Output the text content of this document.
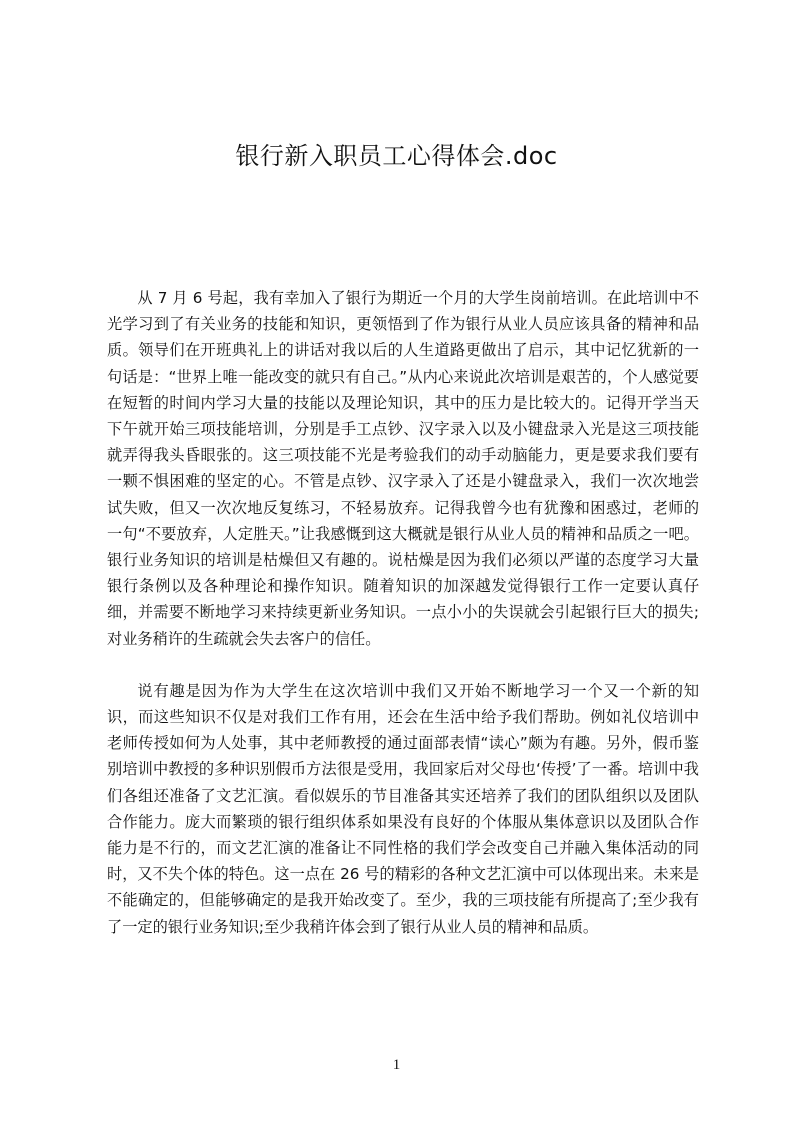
银行新入职员工心得体会.doc

从 7 月 6 号起，我有幸加入了银行为期近一个月的大学生岗前培训。在此培训中不光学习到了有关业务的技能和知识，更领悟到了作为银行从业人员应该具备的精神和品质。领导们在开班典礼上的讲话对我以后的人生道路更做出了启示，其中记忆犹新的一句话是：“世界上唯一能改变的就只有自己。”从内心来说此次培训是艰苦的，个人感觉要在短暂的时间内学习大量的技能以及理论知识，其中的压力是比较大的。记得开学当天下午就开始三项技能培训，分别是手工点钞、汉字录入以及小键盘录入光是这三项技能就弄得我头昏眼张的。这三项技能不光是考验我们的动手动脑能力，更是要求我们要有一颗不惧困难的坚定的心。不管是点钞、汉字录入了还是小键盘录入，我们一次次地尝试失败，但又一次次地反复练习，不轻易放弃。记得我曾今也有犹豫和困惑过，老师的一句“不要放弃，人定胜天。”让我感慨到这大概就是银行从业人员的精神和品质之一吧。银行业务知识的培训是枯燥但又有趣的。说枯燥是因为我们必须以严谨的态度学习大量银行条例以及各种理论和操作知识。随着知识的加深越发觉得银行工作一定要认真仔细，并需要不断地学习来持续更新业务知识。一点小小的失误就会引起银行巨大的损失;对业务稍许的生疏就会失去客户的信任。

说有趣是因为作为大学生在这次培训中我们又开始不断地学习一个又一个新的知识，而这些知识不仅是对我们工作有用，还会在生活中给予我们帮助。例如礼仪培训中老师传授如何为人处事，其中老师教授的通过面部表情“读心”颇为有趣。另外，假币鉴别培训中教授的多种识别假币方法很是受用，我回家后对父母也‘传授’了一番。培训中我们各组还准备了文艺汇演。看似娱乐的节目准备其实还培养了我们的团队组织以及团队合作能力。庞大而繁琐的银行组织体系如果没有良好的个体服从集体意识以及团队合作能力是不行的，而文艺汇演的准备让不同性格的我们学会改变自己并融入集体活动的同时，又不失个体的特色。这一点在 26 号的精彩的各种文艺汇演中可以体现出来。未来是不能确定的，但能够确定的是我开始改变了。至少，我的三项技能有所提高了;至少我有了一定的银行业务知识;至少我稍许体会到了银行从业人员的精神和品质。

1
